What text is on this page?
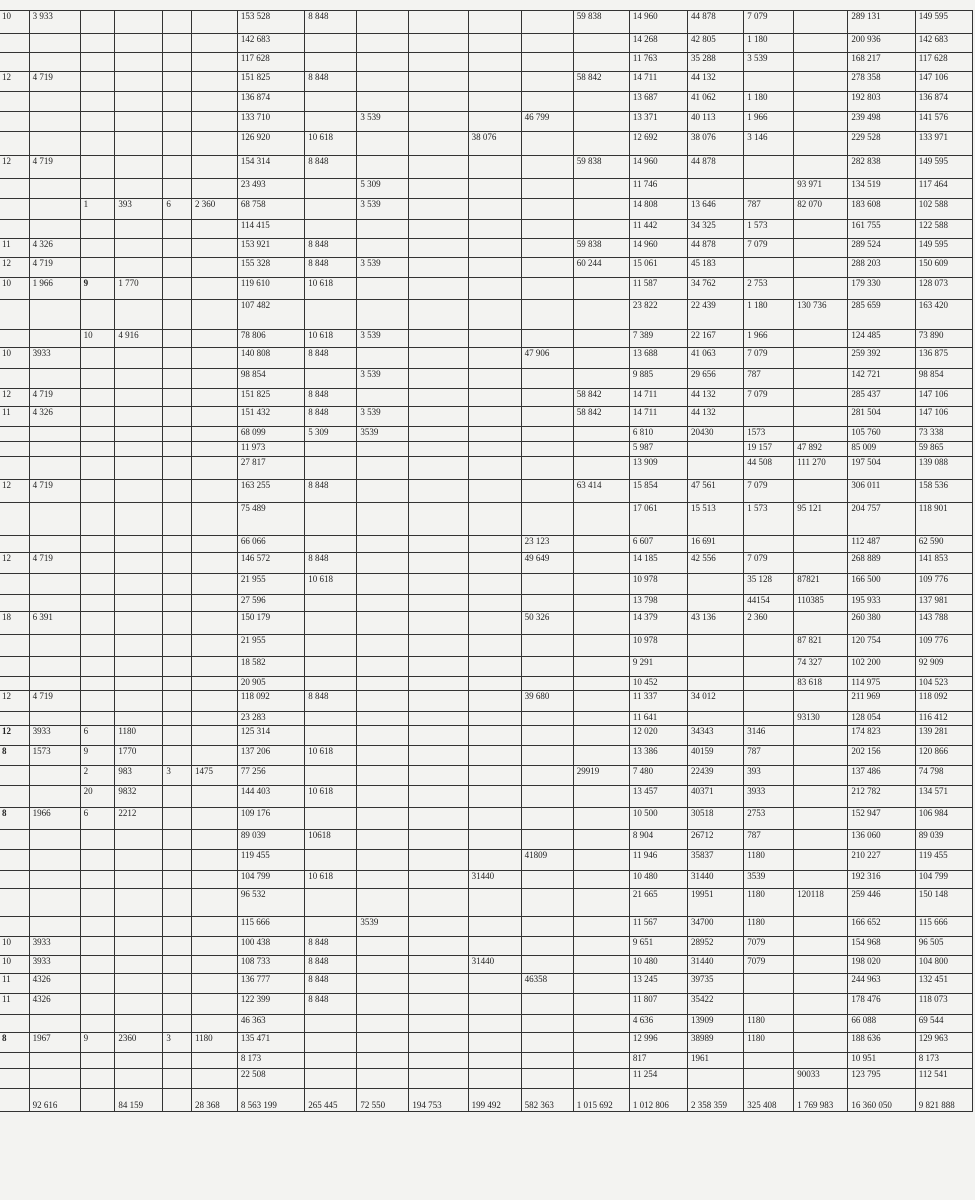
10	3 933					153 528	8 848					59 838	14 960	44 878	7 079		289 131	149 595
						142 683							14 268	42 805	1 180		200 936	142 683
						117 628							11 763	35 288	3 539		168 217	117 628
12	4 719					151 825	8 848					58 842	14 711	44 132			278 358	147 106
						136 874							13 687	41 062	1 180		192 803	136 874
						133 710		3 539			46 799		13 371	40 113	1 966		239 498	141 576
						126 920	10 618			38 076			12 692	38 076	3 146		229 528	133 971
12	4 719					154 314	8 848					59 838	14 960	44 878			282 838	149 595
						23 493		5 309					11 746			93 971	134 519	117 464
		1	393	6	2 360	68 758		3 539					14 808	13 646	787	82 070	183 608	102 588
						114 415							11 442	34 325	1 573		161 755	122 588
11	4 326					153 921	8 848					59 838	14 960	44 878	7 079		289 524	149 595
12	4 719					155 328	8 848	3 539				60 244	15 061	45 183			288 203	150 609
10	1 966	9	1 770			119 610	10 618						11 587	34 762	2 753		179 330	128 073
						107 482							23 822	22 439	1 180	130 736	285 659	163 420
		10	4 916			78 806	10 618	3 539					7 389	22 167	1 966		124 485	73 890
10	3933					140 808	8 848				47 906		13 688	41 063	7 079		259 392	136 875
						98 854		3 539					9 885	29 656	787		142 721	98 854
12	4 719					151 825	8 848					58 842	14 711	44 132	7 079		285 437	147 106
11	4 326					151 432	8 848	3 539				58 842	14 711	44 132			281 504	147 106
						68 099	5 309	3539					6 810	20430	1573		105 760	73 338
						11 973							5 987		19 157	47 892	85 009	59 865
						27 817							13 909		44 508	111 270	197 504	139 088
12	4 719					163 255	8 848					63 414	15 854	47 561	7 079		306 011	158 536
						75 489							17 061	15 513	1 573	95 121	204 757	118 901
						66 066					23 123		6 607	16 691			112 487	62 590
12	4 719					146 572	8 848				49 649		14 185	42 556	7 079		268 889	141 853
						21 955	10 618						10 978		35 128	87821	166 500	109 776
						27 596							13 798		44154	110385	195 933	137 981
18	6 391					150 179					50 326		14 379	43 136	2 360		260 380	143 788
						21 955							10 978			87 821	120 754	109 776
						18 582							9 291			74 327	102 200	92 909
						20 905							10 452			83 618	114 975	104 523
12	4 719					118 092	8 848				39 680		11 337	34 012			211 969	118 092
						23 283							11 641			93130	128 054	116 412
12	3933	6	1180			125 314							12 020	34343	3146		174 823	139 281
8	1573	9	1770			137 206	10 618						13 386	40159	787		202 156	120 866
		2	983	3	1475	77 256						29919	7 480	22439	393		137 486	74 798
		20	9832			144 403	10 618						13 457	40371	3933		212 782	134 571
8	1966	6	2212			109 176							10 500	30518	2753		152 947	106 984
						89 039	10618						8 904	26712	787		136 060	89 039
						119 455					41809		11 946	35837	1180		210 227	119 455
						104 799	10 618			31440			10 480	31440	3539		192 316	104 799
						96 532							21 665	19951	1180	120118	259 446	150 148
						115 666		3539					11 567	34700	1180		166 652	115 666
10	3933					100 438	8 848						9 651	28952	7079		154 968	96 505
10	3933					108 733	8 848			31440			10 480	31440	7079		198 020	104 800
11	4326					136 777	8 848				46358		13 245	39735			244 963	132 451
11	4326					122 399	8 848						11 807	35422			178 476	118 073
						46 363							4 636	13909	1180		66 088	69 544
8	1967	9	2360	3	1180	135 471							12 996	38989	1180		188 636	129 963
						8 173							817	1961			10 951	8 173
						22 508							11 254			90033	123 795	112 541
	92 616		84 159		28 368	8 563 199	265 445	72 550	194 753	199 492	582 363	1 015 692	1 012 806	2 358 359	325 408	1 769 983	16 360 050	9 821 888
